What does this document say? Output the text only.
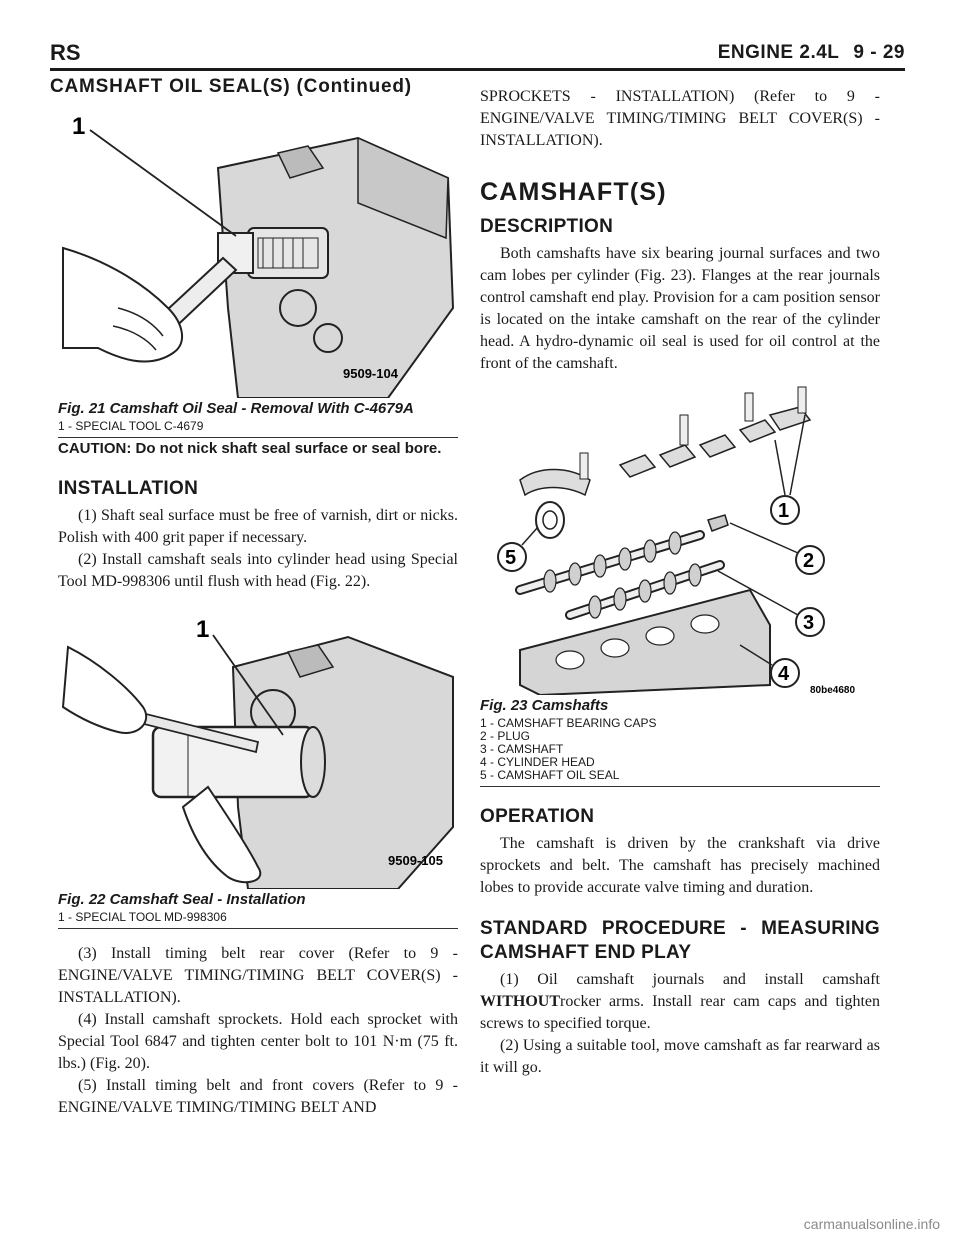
RS	ENGINE 2.4L 9 - 29
CAMSHAFT OIL SEAL(S) (Continued)
1
9509-104
Fig. 21 Camshaft Oil Seal - Removal With C-4679A
1 - SPECIAL TOOL C-4679

CAUTION: Do not nick shaft seal surface or seal bore.

INSTALLATION

(1) Shaft seal surface must be free of varnish, dirt or nicks. Polish with 400 grit paper if necessary.

(2) Install camshaft seals into cylinder head using Special Tool MD-998306 until flush with head (Fig. 22).

1
9509-105
Fig. 22 Camshaft Seal - Installation
1 - SPECIAL TOOL MD-998306

(3) Install timing belt rear cover (Refer to 9 - ENGINE/VALVE TIMING/TIMING BELT COVER(S) - INSTALLATION).

(4) Install camshaft sprockets. Hold each sprocket with Special Tool 6847 and tighten center bolt to 101 N·m (75 ft. lbs.) (Fig. 20).

(5) Install timing belt and front covers (Refer to 9 - ENGINE/VALVE TIMING/TIMING BELT AND

SPROCKETS - INSTALLATION) (Refer to 9 - ENGINE/VALVE TIMING/TIMING BELT COVER(S) - INSTALLATION).

CAMSHAFT(S)
DESCRIPTION

Both camshafts have six bearing journal surfaces and two cam lobes per cylinder (Fig. 23). Flanges at the rear journals control camshaft end play. Provision for a cam position sensor is located on the intake camshaft on the rear of the cylinder head. A hydro-dynamic oil seal is used for oil control at the front of the camshaft.

1
2
3
4
5
80be4680
Fig. 23 Camshafts
1 - CAMSHAFT BEARING CAPS
2 - PLUG
3 - CAMSHAFT
4 - CYLINDER HEAD
5 - CAMSHAFT OIL SEAL
OPERATION

The camshaft is driven by the crankshaft via drive sprockets and belt. The camshaft has precisely machined lobes to provide accurate valve timing and duration.

STANDARD PROCEDURE - MEASURING CAMSHAFT END PLAY

(1) Oil camshaft journals and install camshaft WITHOUTrocker arms. Install rear cam caps and tighten screws to specified torque.

(2) Using a suitable tool, move camshaft as far rearward as it will go.

carmanualsonline.info
